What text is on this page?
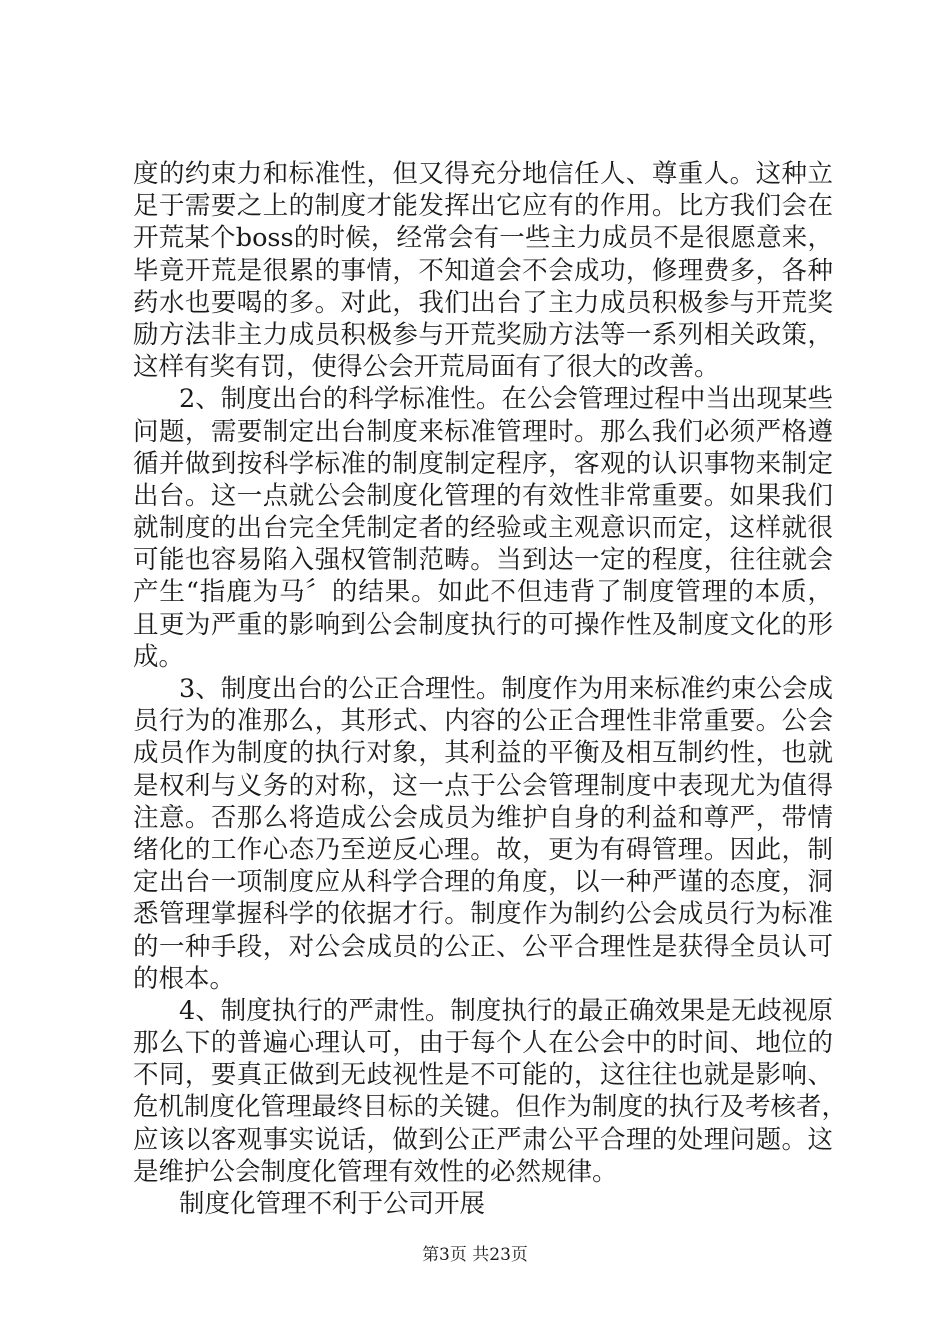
度的约束力和标准性，但又得充分地信任人、尊重人。这种立
足于需要之上的制度才能发挥出它应有的作用。比方我们会在
开荒某个boss的时候，经常会有一些主力成员不是很愿意来，
毕竟开荒是很累的事情，不知道会不会成功，修理费多，各种
药水也要喝的多。对此，我们出台了主力成员积极参与开荒奖
励方法非主力成员积极参与开荒奖励方法等一系列相关政策，
这样有奖有罚，使得公会开荒局面有了很大的改善。
2、制度出台的科学标准性。在公会管理过程中当出现某些
问题，需要制定出台制度来标准管理时。那么我们必须严格遵
循并做到按科学标准的制度制定程序，客观的认识事物来制定
出台。这一点就公会制度化管理的有效性非常重要。如果我们
就制度的出台完全凭制定者的经验或主观意识而定，这样就很
可能也容易陷入强权管制范畴。当到达一定的程度，往往就会
产生“指鹿为马〞的结果。如此不但违背了制度管理的本质，
且更为严重的影响到公会制度执行的可操作性及制度文化的形
成。
3、制度出台的公正合理性。制度作为用来标准约束公会成
员行为的准那么，其形式、内容的公正合理性非常重要。公会
成员作为制度的执行对象，其利益的平衡及相互制约性，也就
是权利与义务的对称，这一点于公会管理制度中表现尤为值得
注意。否那么将造成公会成员为维护自身的利益和尊严，带情
绪化的工作心态乃至逆反心理。故，更为有碍管理。因此，制
定出台一项制度应从科学合理的角度，以一种严谨的态度，洞
悉管理掌握科学的依据才行。制度作为制约公会成员行为标准
的一种手段，对公会成员的公正、公平合理性是获得全员认可
的根本。
4、制度执行的严肃性。制度执行的最正确效果是无歧视原
那么下的普遍心理认可，由于每个人在公会中的时间、地位的
不同，要真正做到无歧视性是不可能的，这往往也就是影响、
危机制度化管理最终目标的关键。但作为制度的执行及考核者，
应该以客观事实说话，做到公正严肃公平合理的处理问题。这
是维护公会制度化管理有效性的必然规律。
制度化管理不利于公司开展
第3页 共23页
